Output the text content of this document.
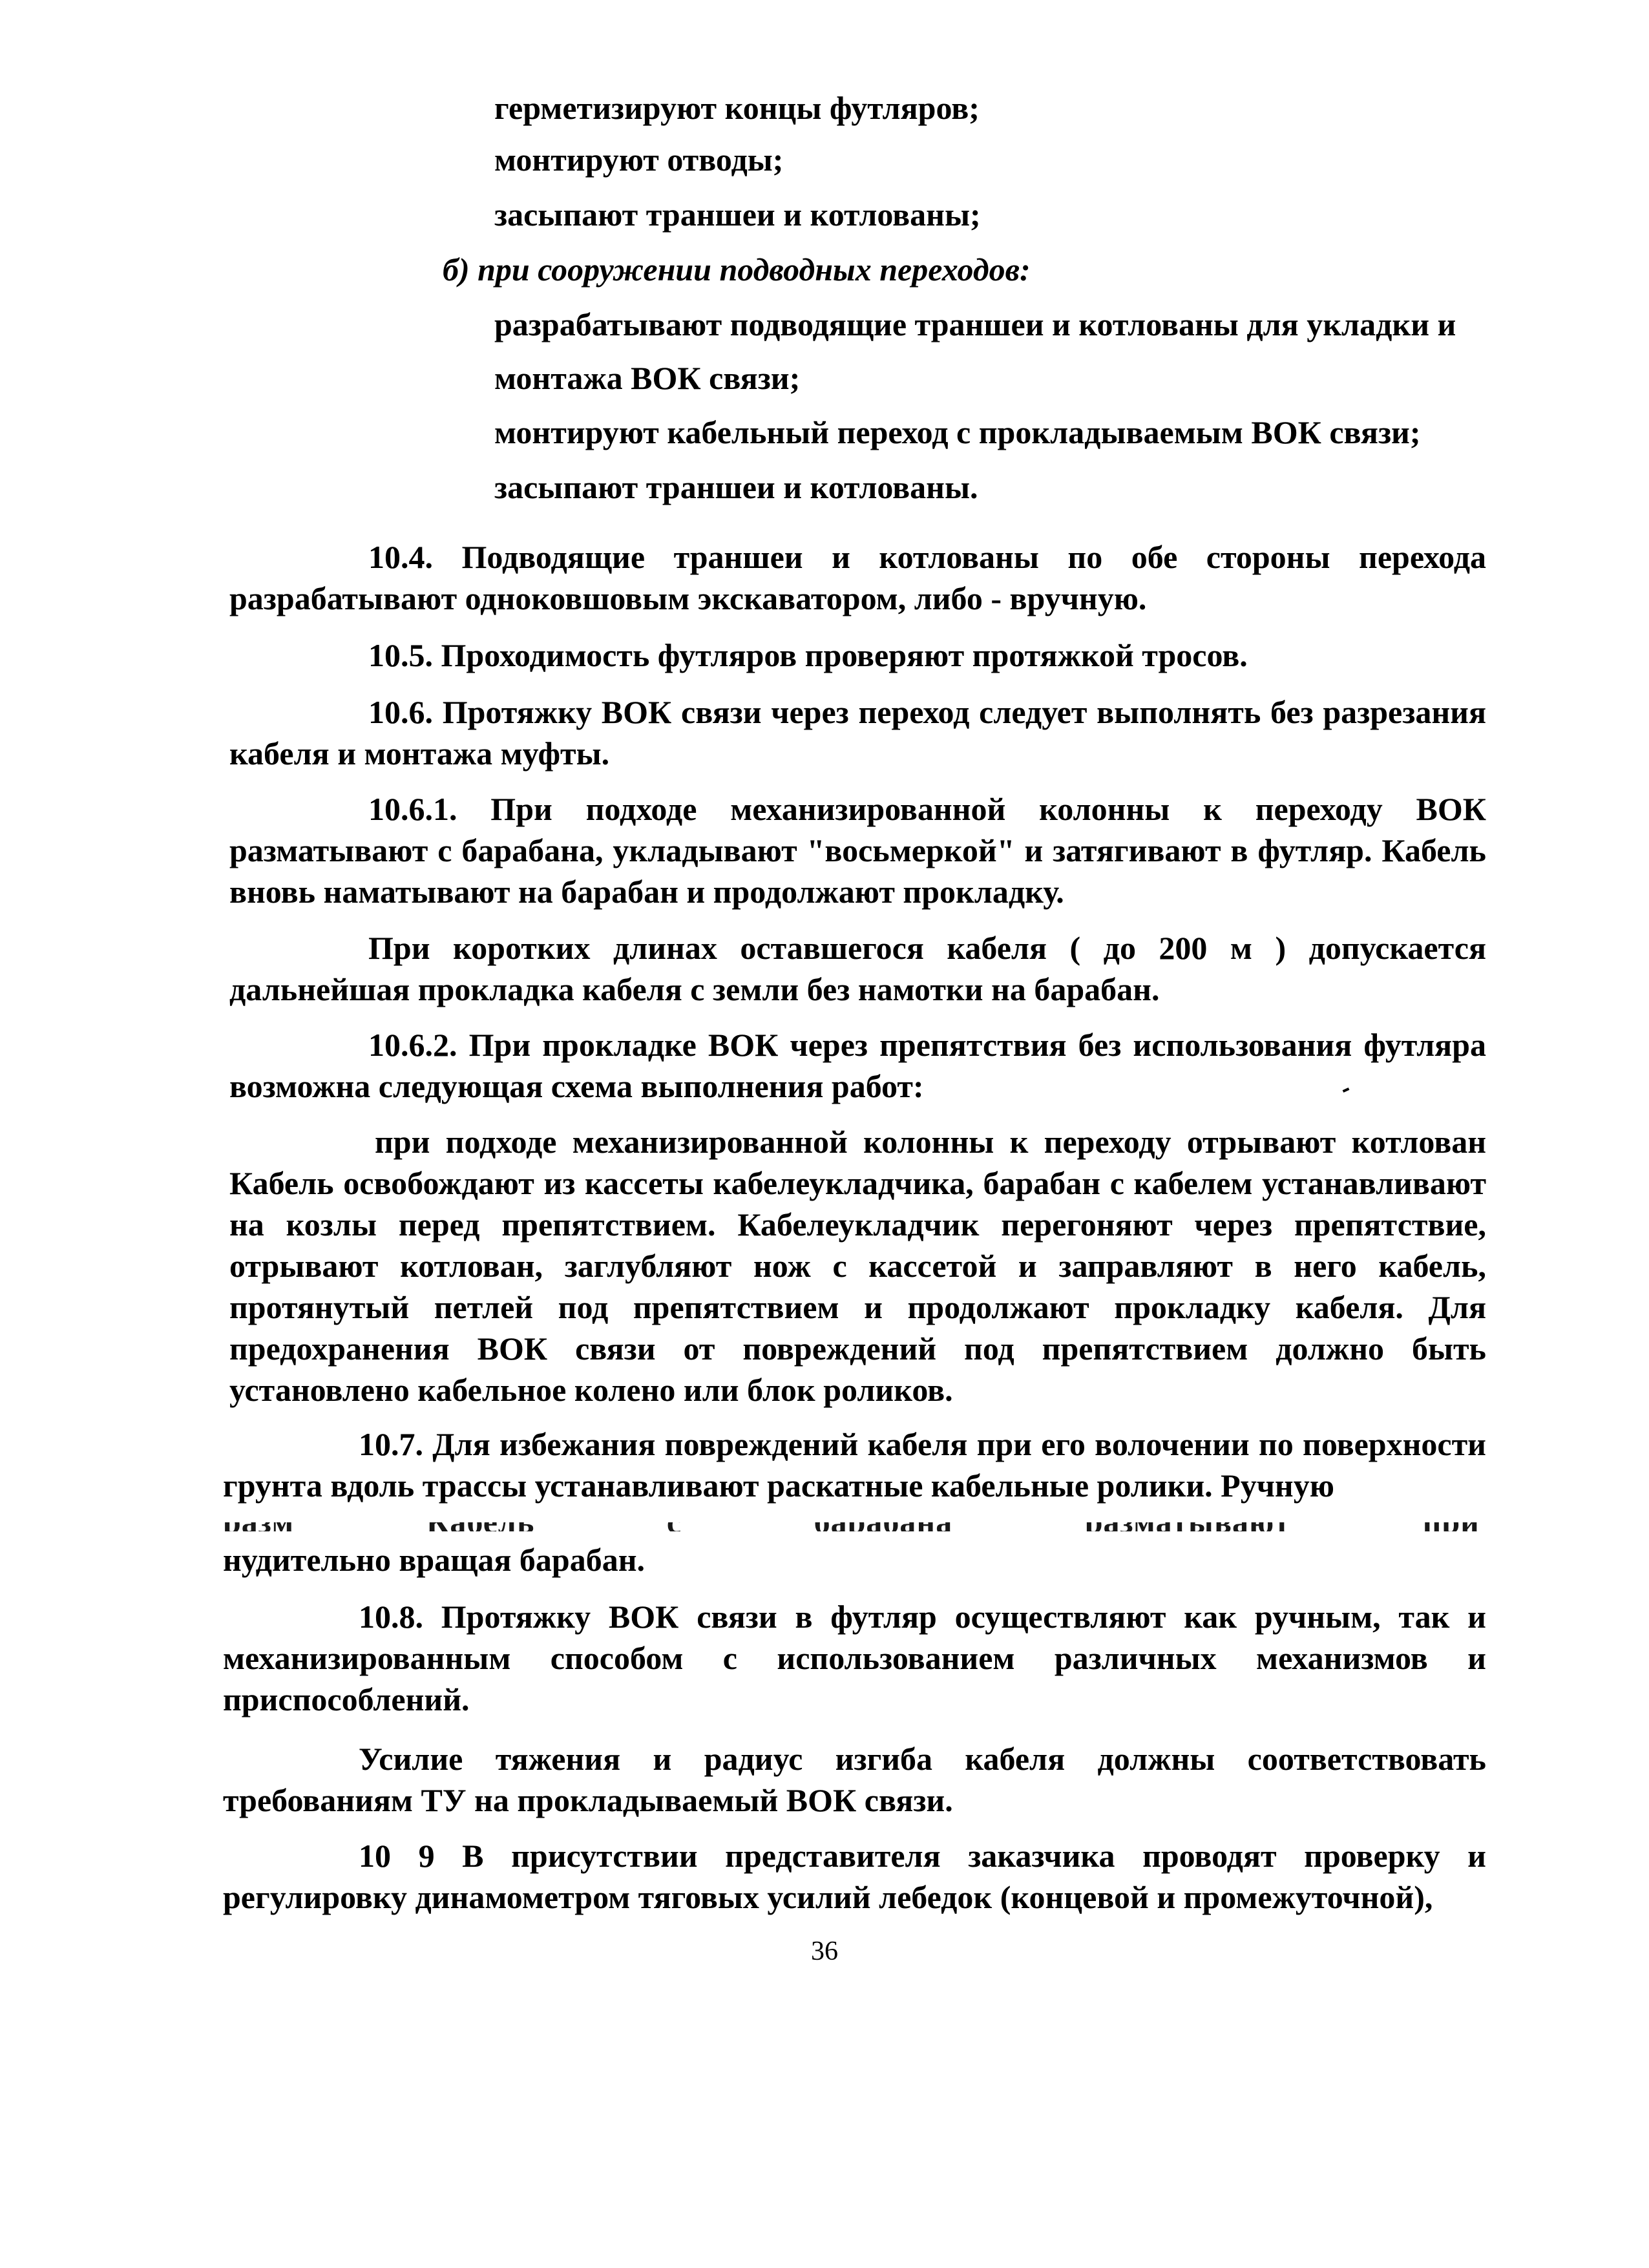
герметизируют концы футляров;
монтируют отводы;
засыпают траншеи и котлованы;
б) при сооружении подводных переходов:
разрабатывают подводящие траншеи и котлованы для укладки и
монтажа ВОК связи;
монтируют кабельный переход с прокладываемым ВОК связи;
засыпают траншеи и котлованы.
10.4. Подводящие траншеи и котлованы по обе стороны перехода разрабатывают одноковшовым экскаватором, либо - вручную.
10.5. Проходимость футляров проверяют протяжкой тросов.
10.6. Протяжку ВОК связи через переход следует выполнять без разрезания кабеля и монтажа муфты.
10.6.1. При подходе механизированной колонны к переходу ВОК разматывают с барабана, укладывают "восьмеркой" и затягивают в футляр. Кабель вновь наматывают на барабан и продолжают прокладку.
При коротких длинах оставшегося кабеля ( до 200 м ) допускается дальнейшая прокладка кабеля с земли без намотки на барабан.
10.6.2. При прокладке ВОК через препятствия без использования футляра возможна следующая схема выполнения работ:
при подходе механизированной колонны к переходу отрывают котлован Кабель освобождают из кассеты кабелеукладчика, барабан с кабелем устанавливают на козлы перед препятствием. Кабелеукладчик перегоняют через препятствие, отрывают котлован, заглубляют нож с кассетой и заправляют в него кабель, протянутый петлей под препятствием и продолжают прокладку кабеля. Для предохранения ВОК связи от повреждений под препятствием должно быть установлено кабельное колено или блок роликов.
10.7. Для избежания повреждений кабеля при его волочении по поверхности грунта вдоль трассы устанавливают раскатные кабельные ролики. Ручную
нудительно вращая барабан.
10.8. Протяжку ВОК связи в футляр осуществляют как ручным, так и механизированным способом с использованием различных механизмов и приспособлений.
Усилие тяжения и радиус изгиба кабеля должны соответствовать требованиям ТУ на прокладываемый ВОК связи.
10 9 В присутствии представителя заказчика проводят проверку и регулировку динамометром тяговых усилий лебедок (концевой и промежуточной),
36
